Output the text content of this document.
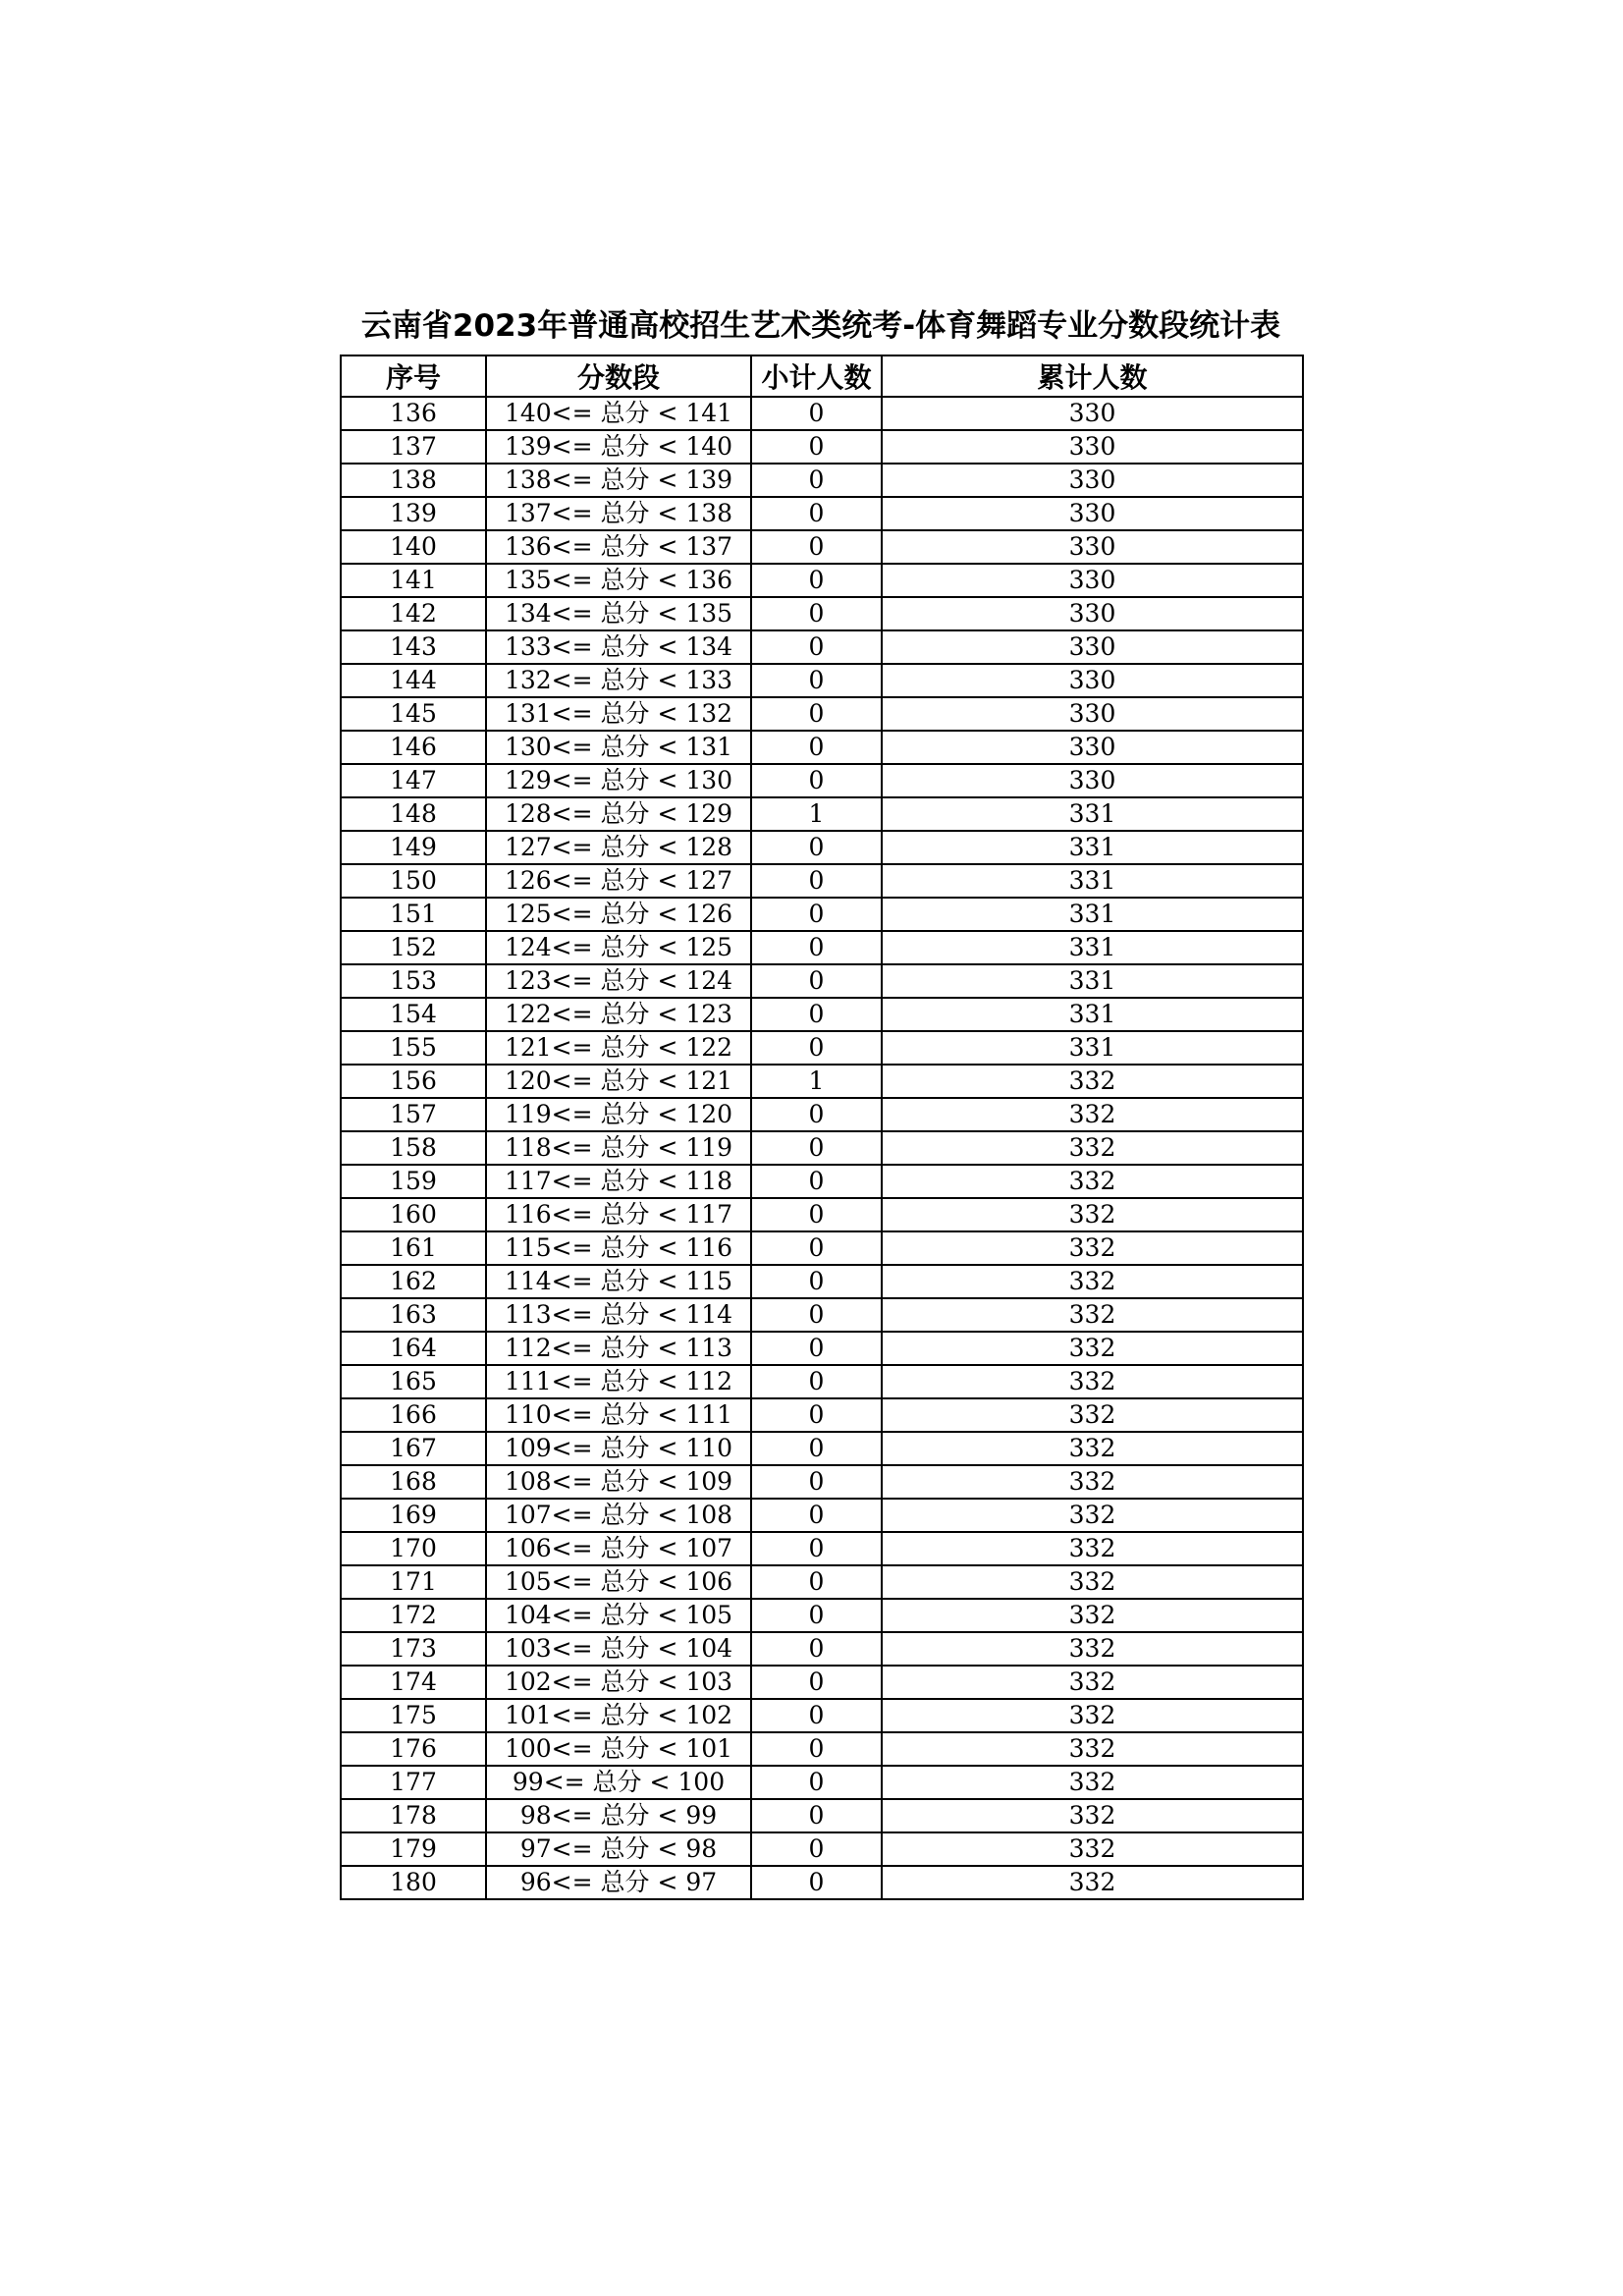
云南省2023年普通高校招生艺术类统考-体育舞蹈专业分数段统计表
序号	分数段	小计人数	累计人数
136	140<= 总分 < 141	0	330
137	139<= 总分 < 140	0	330
138	138<= 总分 < 139	0	330
139	137<= 总分 < 138	0	330
140	136<= 总分 < 137	0	330
141	135<= 总分 < 136	0	330
142	134<= 总分 < 135	0	330
143	133<= 总分 < 134	0	330
144	132<= 总分 < 133	0	330
145	131<= 总分 < 132	0	330
146	130<= 总分 < 131	0	330
147	129<= 总分 < 130	0	330
148	128<= 总分 < 129	1	331
149	127<= 总分 < 128	0	331
150	126<= 总分 < 127	0	331
151	125<= 总分 < 126	0	331
152	124<= 总分 < 125	0	331
153	123<= 总分 < 124	0	331
154	122<= 总分 < 123	0	331
155	121<= 总分 < 122	0	331
156	120<= 总分 < 121	1	332
157	119<= 总分 < 120	0	332
158	118<= 总分 < 119	0	332
159	117<= 总分 < 118	0	332
160	116<= 总分 < 117	0	332
161	115<= 总分 < 116	0	332
162	114<= 总分 < 115	0	332
163	113<= 总分 < 114	0	332
164	112<= 总分 < 113	0	332
165	111<= 总分 < 112	0	332
166	110<= 总分 < 111	0	332
167	109<= 总分 < 110	0	332
168	108<= 总分 < 109	0	332
169	107<= 总分 < 108	0	332
170	106<= 总分 < 107	0	332
171	105<= 总分 < 106	0	332
172	104<= 总分 < 105	0	332
173	103<= 总分 < 104	0	332
174	102<= 总分 < 103	0	332
175	101<= 总分 < 102	0	332
176	100<= 总分 < 101	0	332
177	99<= 总分 < 100	0	332
178	98<= 总分 < 99	0	332
179	97<= 总分 < 98	0	332
180	96<= 总分 < 97	0	332
